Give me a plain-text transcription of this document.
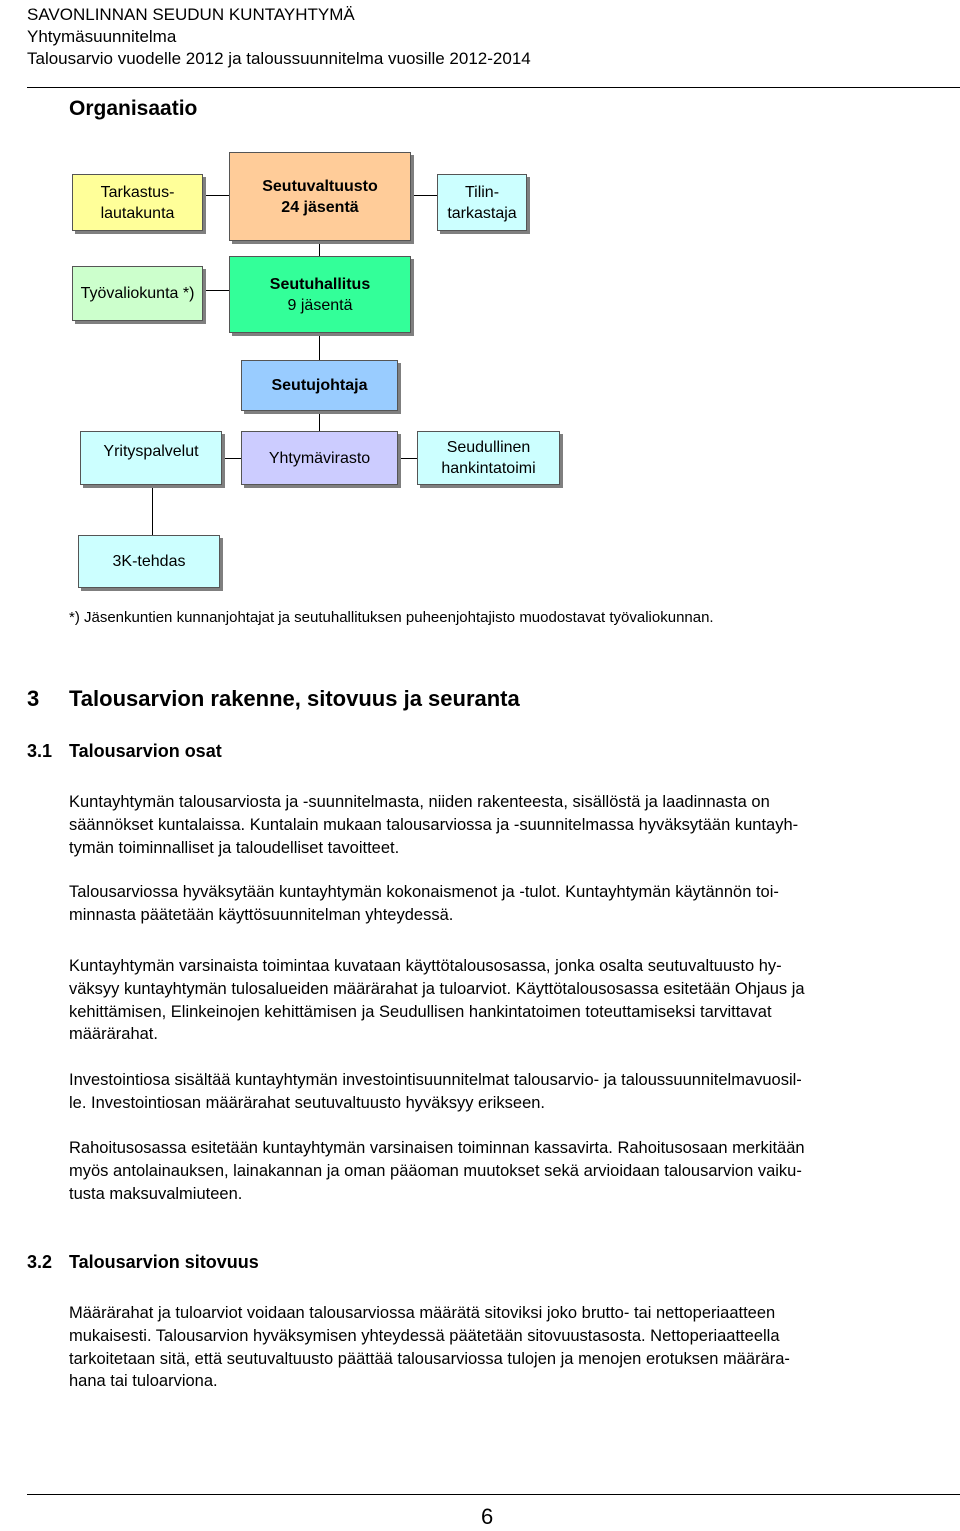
SAVONLINNAN SEUDUN KUNTAYHTYMÄ
Yhtymäsuunnitelma
Talousarvio vuodelle 2012 ja taloussuunnitelma vuosille 2012-2014
Organisaatio
Tarkastus-
lautakunta
Seutuvaltuusto
24 jäsentä
Tilin-
tarkastaja
Työvaliokunta *)
Seutuhallitus
9 jäsentä
Seutujohtaja
Yrityspalvelut	Yhtymävirasto
Seudullinen
hankintatoimi
3K-tehdas
*) Jäsenkuntien kunnanjohtajat ja seutuhallituksen puheenjohtajisto muodostavat työvaliokunnan.
3 Talousarvion rakenne, sitovuus ja seuranta
3.1 Talousarvion osat
Kuntayhtymän talousarviosta ja -suunnitelmasta, niiden rakenteesta, sisällöstä ja laadinnasta on
säännökset kuntalaissa. Kuntalain mukaan talousarviossa ja -suunnitelmassa hyväksytään kuntayh-
tymän toiminnalliset ja taloudelliset tavoitteet.
Talousarviossa hyväksytään kuntayhtymän kokonaismenot ja -tulot. Kuntayhtymän käytännön toi-
minnasta päätetään käyttösuunnitelman yhteydessä.
Kuntayhtymän varsinaista toimintaa kuvataan käyttötalousosassa, jonka osalta seutuvaltuusto hy-
väksyy kuntayhtymän tulosalueiden määrärahat ja tuloarviot. Käyttötalousosassa esitetään Ohjaus ja
kehittämisen, Elinkeinojen kehittämisen ja Seudullisen hankintatoimen toteuttamiseksi tarvittavat
määrärahat.
Investointiosa sisältää kuntayhtymän investointisuunnitelmat talousarvio- ja taloussuunnitelmavuosil-
le. Investointiosan määrärahat seutuvaltuusto hyväksyy erikseen.
Rahoitusosassa esitetään kuntayhtymän varsinaisen toiminnan kassavirta. Rahoitusosaan merkitään
myös antolainauksen, lainakannan ja oman pääoman muutokset sekä arvioidaan talousarvion vaiku-
tusta maksuvalmiuteen.
3.2 Talousarvion sitovuus
Määrärahat ja tuloarviot voidaan talousarviossa määrätä sitoviksi joko brutto- tai nettoperiaatteen
mukaisesti. Talousarvion hyväksymisen yhteydessä päätetään sitovuustasosta. Nettoperiaatteella
tarkoitetaan sitä, että seutuvaltuusto päättää talousarviossa tulojen ja menojen erotuksen määrära-
hana tai tuloarviona.
6
